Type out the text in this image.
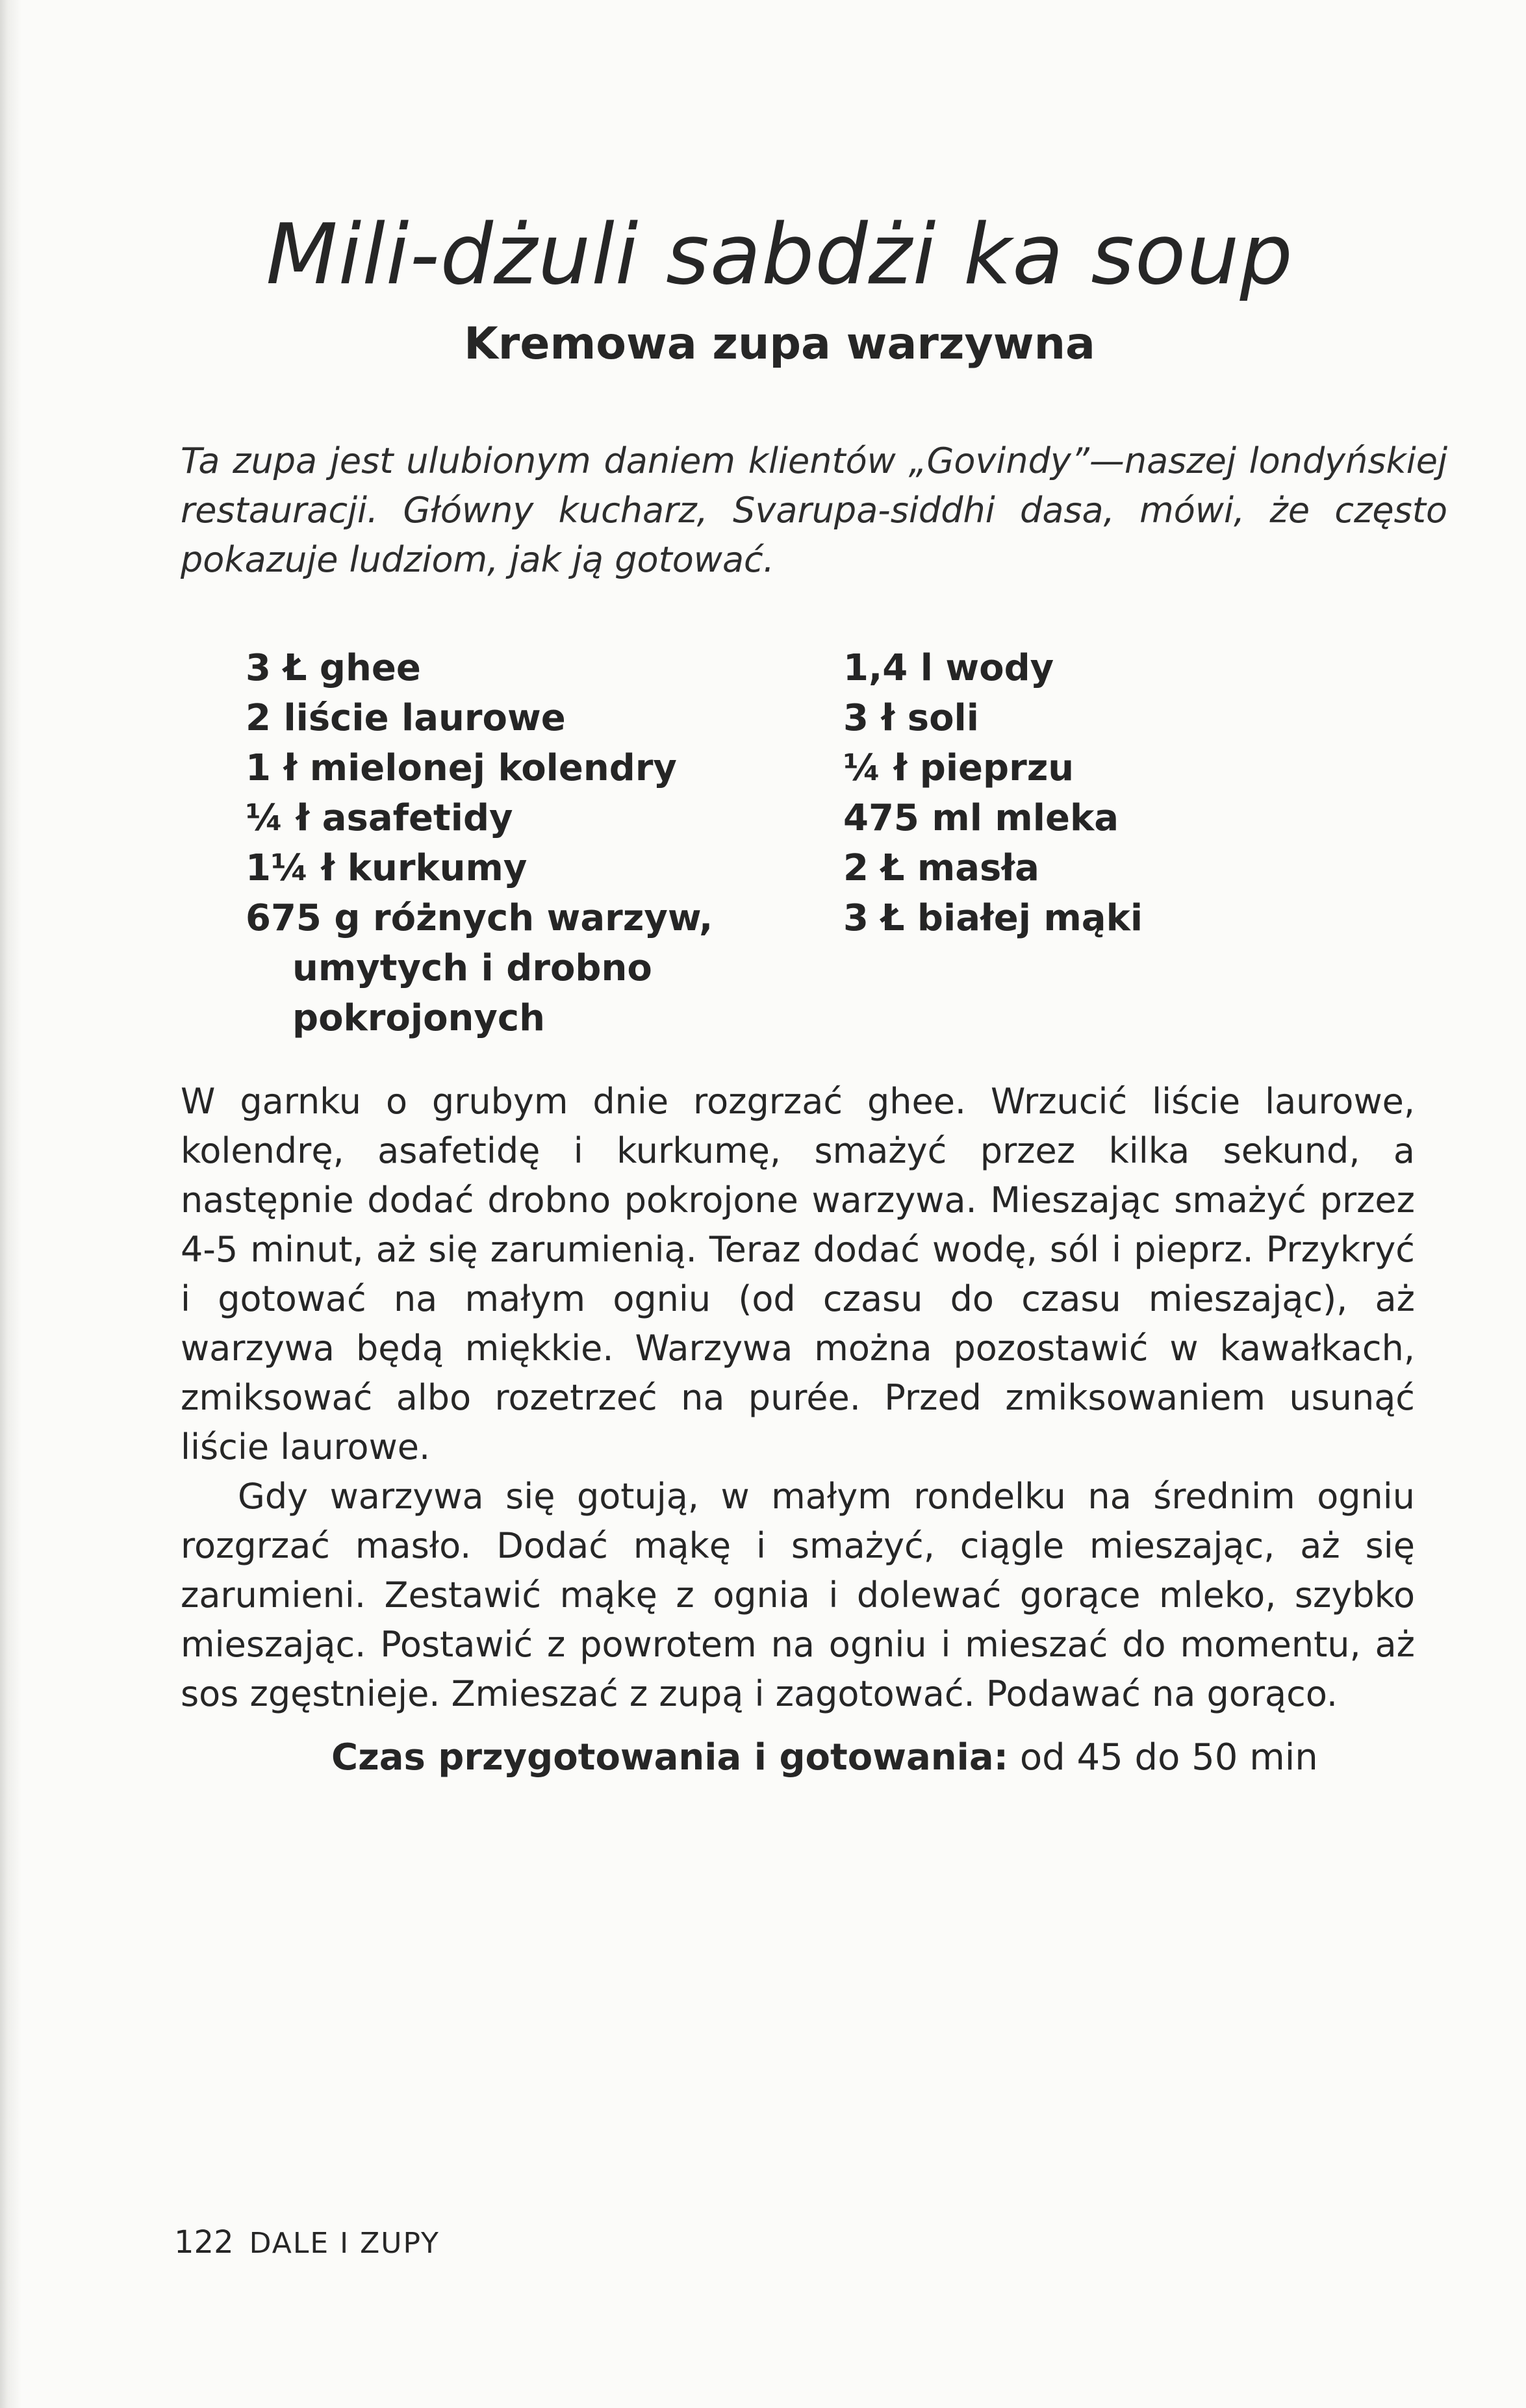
Mili-dżuli sabdżi ka soup
Kremowa zupa warzywna

Ta zupa jest ulubionym daniem klientów „Govindy”—naszej londyńskiej restauracji. Główny kucharz, Svarupa-siddhi dasa, mówi, że często pokazuje ludziom, jak ją gotować.

3 Ł ghee
2 liście laurowe
1 ł mielonej kolendry
¼ ł asafetidy
1¼ ł kurkumy
675 g różnych warzyw, umytych i drobno pokrojonych
1,4 l wody
3 ł soli
¼ ł pieprzu
475 ml mleka
2 Ł masła
3 Ł białej mąki

W garnku o grubym dnie rozgrzać ghee. Wrzucić liście laurowe, kolendrę, asafetidę i kurkumę, smażyć przez kilka sekund, a następnie dodać drobno pokrojone warzywa. Mieszając smażyć przez 4-5 minut, aż się zarumienią. Teraz dodać wodę, sól i pieprz. Przykryć i gotować na małym ogniu (od czasu do czasu mieszając), aż warzywa będą miękkie. Warzywa można pozostawić w kawałkach, zmiksować albo rozetrzeć na purée. Przed zmiksowaniem usunąć liście laurowe.

Gdy warzywa się gotują, w małym rondelku na średnim ogniu rozgrzać masło. Dodać mąkę i smażyć, ciągle mieszając, aż się zarumieni. Zestawić mąkę z ognia i dolewać gorące mleko, szybko mieszając. Postawić z powrotem na ogniu i mieszać do momentu, aż sos zgęstnieje. Zmieszać z zupą i zagotować. Podawać na gorąco.

Czas przygotowania i gotowania: od 45 do 50 min

122 DALE I ZUPY
